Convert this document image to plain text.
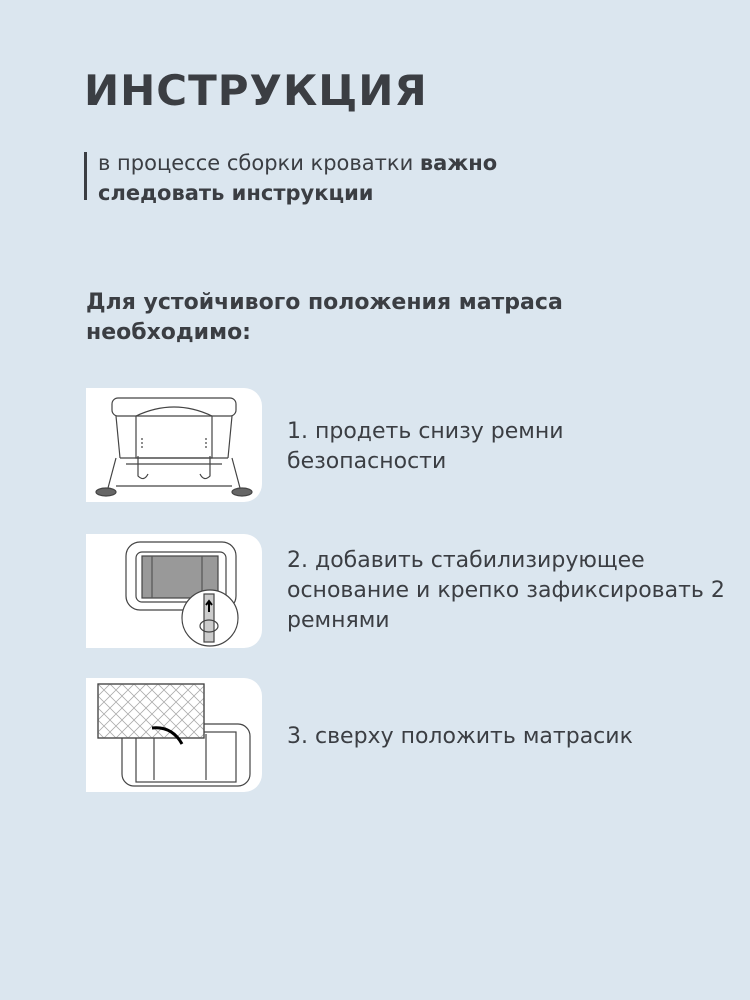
ИНСТРУКЦИЯ
в процессе сборки кроватки важно следовать инструкции
Для устойчивого положения матраса необходимо:
1. продеть снизу ремни безопасности
2. добавить стабилизирующее основание и крепко зафиксировать 2 ремнями
3. сверху положить матрасик
